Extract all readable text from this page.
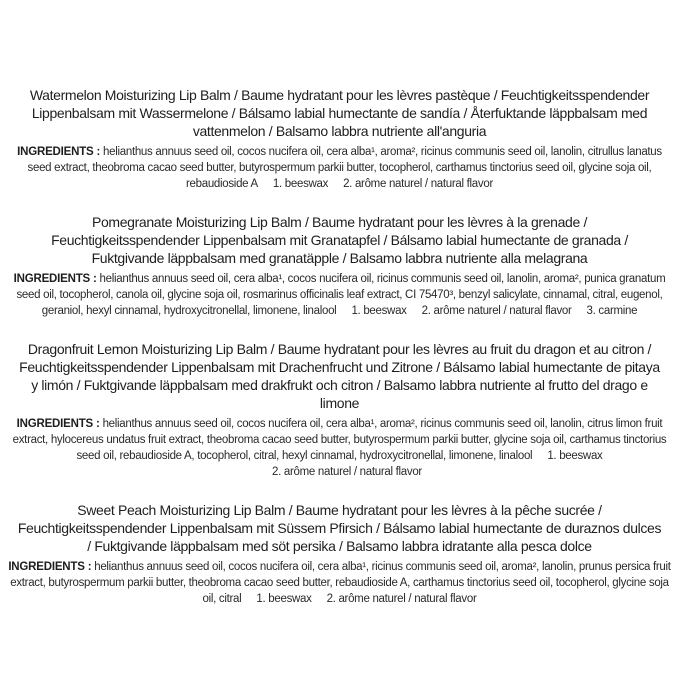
Watermelon Moisturizing Lip Balm / Baume hydratant pour les lèvres pastèque / Feuchtigkeitsspendender Lippenbalsam mit Wassermelone / Bálsamo labial humectante de sandía / Återfuktande läppbalsam med vattenmelon / Balsamo labbra nutriente all'anguria

INGREDIENTS : helianthus annuus seed oil, cocos nucifera oil, cera alba¹, aroma², ricinus communis seed oil, lanolin, citrullus lanatus seed extract, theobroma cacao seed butter, butyrospermum parkii butter, tocopherol, carthamus tinctorius seed oil, glycine soja oil, rebaudioside A 1. beeswax 2. arôme naturel / natural flavor

Pomegranate Moisturizing Lip Balm / Baume hydratant pour les lèvres à la grenade / Feuchtigkeitsspendender Lippenbalsam mit Granatapfel / Bálsamo labial humectante de granada / Fuktgivande läppbalsam med granatäpple / Balsamo labbra nutriente alla melagrana

INGREDIENTS : helianthus annuus seed oil, cera alba¹, cocos nucifera oil, ricinus communis seed oil, lanolin, aroma², punica granatum seed oil, tocopherol, canola oil, glycine soja oil, rosmarinus officinalis leaf extract, CI 75470³, benzyl salicylate, cinnamal, citral, eugenol, geraniol, hexyl cinnamal, hydroxycitronellal, limonene, linalool 1. beeswax 2. arôme naturel / natural flavor 3. carmine

Dragonfruit Lemon Moisturizing Lip Balm / Baume hydratant pour les lèvres au fruit du dragon et au citron / Feuchtigkeitsspendender Lippenbalsam mit Drachenfrucht und Zitrone / Bálsamo labial humectante de pitaya y limón / Fuktgivande läppbalsam med drakfrukt och citron / Balsamo labbra nutriente al frutto del drago e limone

INGREDIENTS : helianthus annuus seed oil, cocos nucifera oil, cera alba¹, aroma², ricinus communis seed oil, lanolin, citrus limon fruit extract, hylocereus undatus fruit extract, theobroma cacao seed butter, butyrospermum parkii butter, glycine soja oil, carthamus tinctorius seed oil, rebaudioside A, tocopherol, citral, hexyl cinnamal, hydroxycitronellal, limonene, linalool 1. beeswax2. arôme naturel / natural flavor

Sweet Peach Moisturizing Lip Balm / Baume hydratant pour les lèvres à la pêche sucrée / Feuchtigkeitsspendender Lippenbalsam mit Süssem Pfirsich / Bálsamo labial humectante de duraznos dulces / Fuktgivande läppbalsam med söt persika / Balsamo labbra idratante alla pesca dolce

INGREDIENTS : helianthus annuus seed oil, cocos nucifera oil, cera alba¹, ricinus communis seed oil, aroma², lanolin, prunus persica fruit extract, butyrospermum parkii butter, theobroma cacao seed butter, rebaudioside A, carthamus tinctorius seed oil, tocopherol, glycine soja oil, citral 1. beeswax 2. arôme naturel / natural flavor
